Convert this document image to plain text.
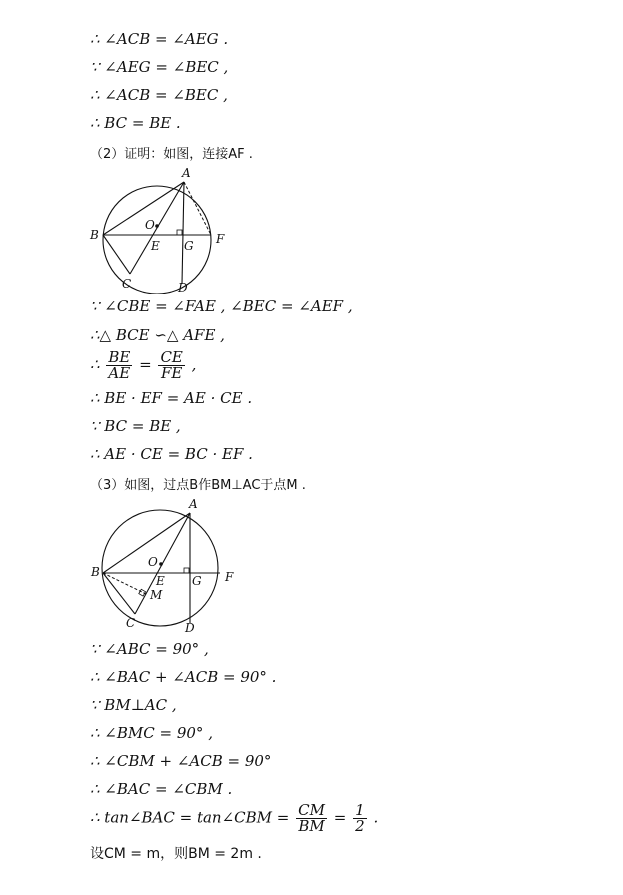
∴ ∠ACB = ∠AEG .
∵ ∠AEG = ∠BEC ,
∴ ∠ACB = ∠BEC ,
∴ BC = BE .
（2）证明：如图，连接AF .
A
B
C	D
E	F
G
O
∵ ∠CBE = ∠FAE , ∠BEC = ∠AEF ,
∴△ BCE ∽△ AFE ,
∴ $\frac{BE}{AE} = \frac{CE}{FE}$ ,
∴ BE · EF = AE · CE .
∵ BC = BE ,
∴ AE · CE = BC · EF .
（3）如图，过点B作BM⊥AC于点M .
A
B
C	D
E	F
G
O
M
∵ ∠ABC = 90° ,
∴ ∠BAC + ∠ACB = 90° .
∵ BM⊥AC ,
∴ ∠BMC = 90° ,
∴ ∠CBM + ∠ACB = 90°
∴ ∠BAC = ∠CBM .
∴ tan∠BAC = tan∠CBM = $\frac{CM}{BM} = \frac{1}{2}$ .
设CM = m，则BM = 2m .
